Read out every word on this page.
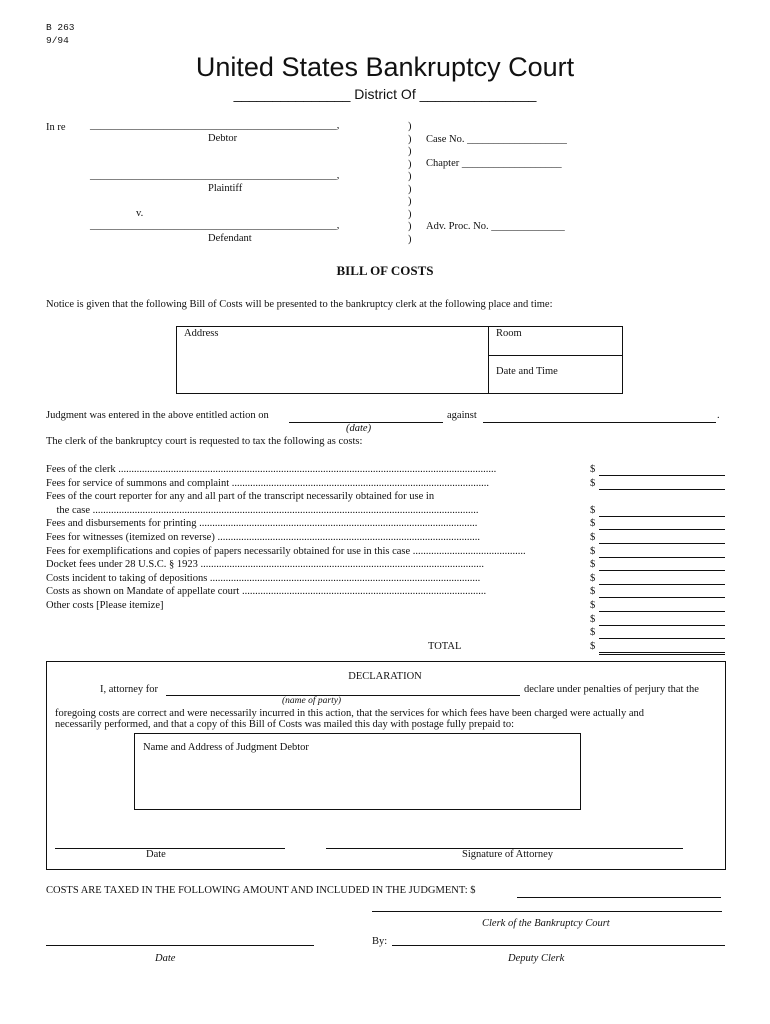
B 263
9/94
United States Bankruptcy Court
_______________ District Of _______________
In re _______________________________________________,
Debtor
_______________________________________________,
Plaintiff
v.
_______________________________________________,
Defendant
)
)
)
)
)
)
)
)
)
)
Case No. ___________________
Chapter ___________________
Adv. Proc. No. ______________
BILL OF COSTS
Notice is given that the following Bill of Costs will be presented to the bankruptcy clerk at the following place and time:
Address	Room
Date and Time
Judgment was entered in the above entitled action on	against	.
(date)
The clerk of the bankruptcy court is requested to tax the following as costs:
Fees of the clerk ................................................................................................................................................	$
Fees for service of summons and complaint ..................................................................................................	$
Fees of the court reporter for any and all part of the transcript necessarily obtained for use in
the case ...................................................................................................................................................	$
Fees and disbursements for printing ..........................................................................................................	$
Fees for witnesses (itemized on reverse) ....................................................................................................	$
Fees for exemplifications and copies of papers necessarily obtained for use in this case ...........................................	$
Docket fees under 28 U.S.C. § 1923 ............................................................................................................	$
Costs incident to taking of depositions .......................................................................................................	$
Costs as shown on Mandate of appellate court .............................................................................................	$
Other costs [Please itemize]	$
$
$
TOTAL	$
DECLARATION
I, attorney for	declare under penalties of perjury that the
(name of party)
foregoing costs are correct and were necessarily incurred in this action, that the services for which fees have been charged were actually and
necessarily performed, and that a copy of this Bill of Costs was mailed this day with postage fully prepaid to:
Name and Address of Judgment Debtor
Date	Signature of Attorney
COSTS ARE TAXED IN THE FOLLOWING AMOUNT AND INCLUDED IN THE JUDGMENT: $
Clerk of the Bankruptcy Court
By:
Date	Deputy Clerk
